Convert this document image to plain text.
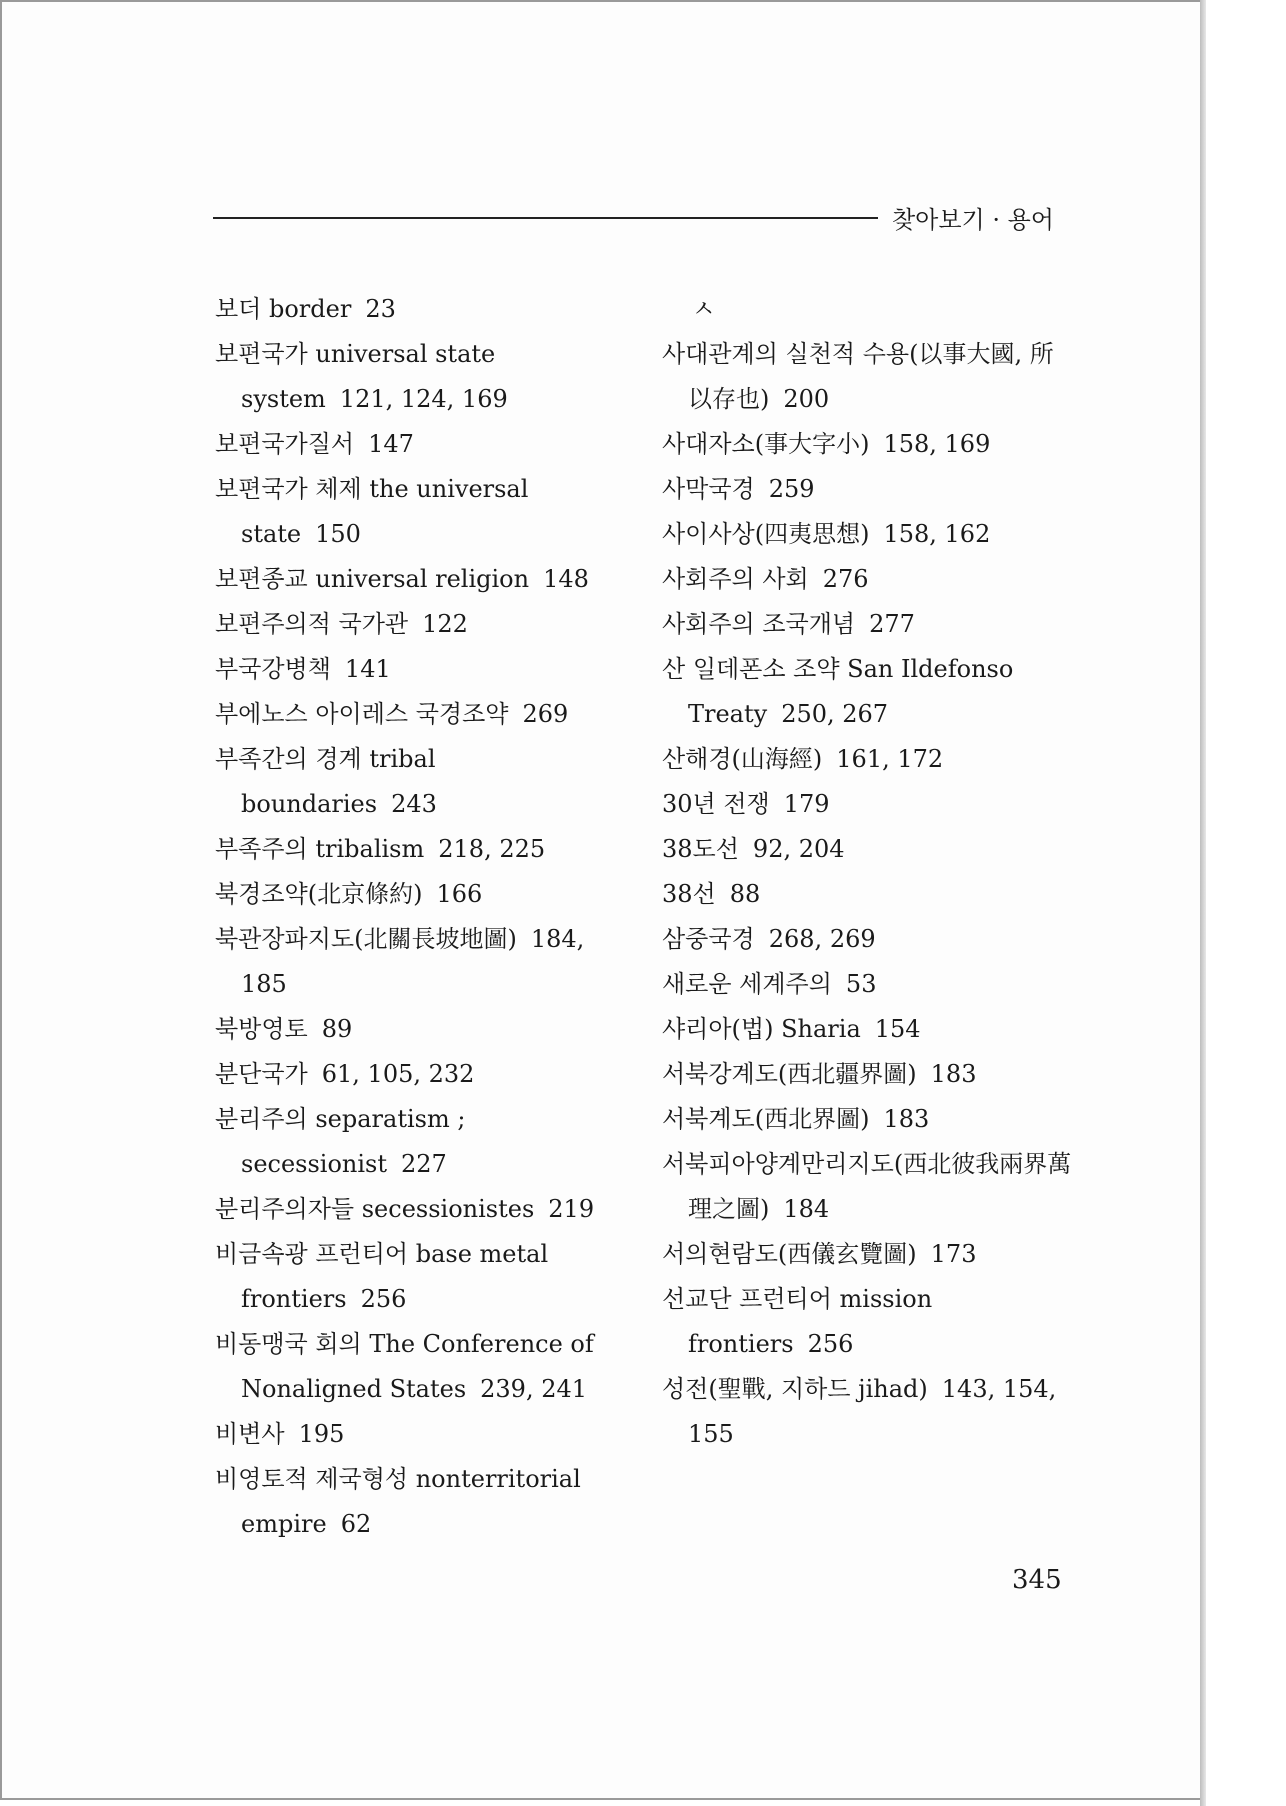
찾아보기 · 용어
보더 border 23
보편국가 universal state system 121, 124, 169
보편국가질서 147
보편국가 체제 the universal state 150
보편종교 universal religion 148
보편주의적 국가관 122
부국강병책 141
부에노스 아이레스 국경조약 269
부족간의 경계 tribal boundaries 243
부족주의 tribalism 218, 225
북경조약(北京條約) 166
북관장파지도(北關長坡地圖) 184, 185
북방영토 89
분단국가 61, 105, 232
분리주의 separatism ; secessionist 227
분리주의자들 secessionistes 219
비금속광 프런티어 base metal frontiers 256
비동맹국 회의 The Conference of Nonaligned States 239, 241
비변사 195
비영토적 제국형성 nonterritorial empire 62
ㅅ
사대관계의 실천적 수용(以事大國, 所以存也) 200
사대자소(事大字小) 158, 169
사막국경 259
사이사상(四夷思想) 158, 162
사회주의 사회 276
사회주의 조국개념 277
산 일데폰소 조약 San Ildefonso Treaty 250, 267
산해경(山海經) 161, 172
30년 전쟁 179
38도선 92, 204
38선 88
삼중국경 268, 269
새로운 세계주의 53
샤리아(법) Sharia 154
서북강계도(西北疆界圖) 183
서북계도(西北界圖) 183
서북피아양계만리지도(西北彼我兩界萬理之圖) 184
서의현람도(西儀玄覽圖) 173
선교단 프런티어 mission frontiers 256
성전(聖戰, 지하드 jihad) 143, 154, 155
345
